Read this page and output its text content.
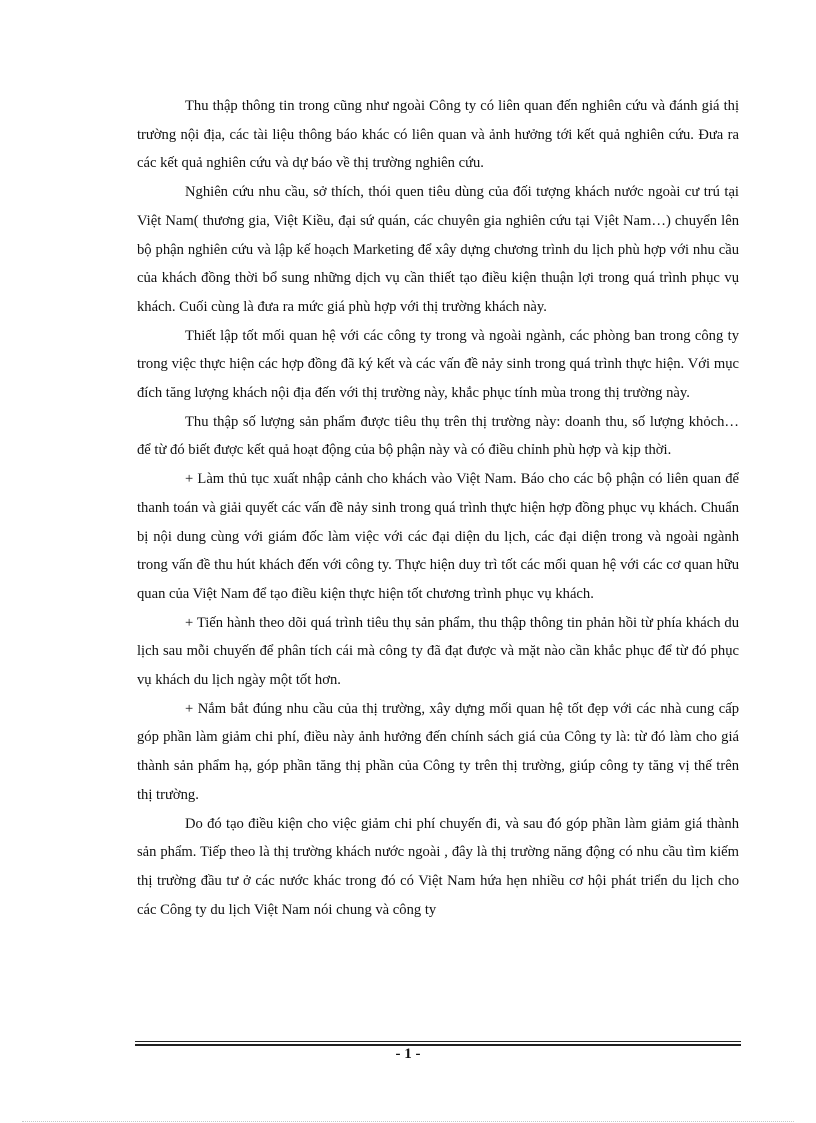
Thu thập thông tin trong cũng như ngoài Công ty có liên quan đến nghiên cứu và đánh giá thị trường nội địa, các tài liệu thông báo khác có liên quan và ảnh hưởng tới kết quả nghiên cứu. Đưa ra các kết quả nghiên cứu và dự báo về thị trường nghiên cứu.

Nghiên cứu nhu cầu, sở thích, thói quen tiêu dùng của đối tượng khách nước ngoài cư trú tại Việt Nam( thương gia, Việt Kiều, đại sứ quán, các chuyên gia nghiên cứu tại Vịêt Nam…) chuyển lên bộ phận nghiên cứu và lập kế hoạch Marketing để xây dựng chương trình du lịch phù hợp với nhu cầu của khách đồng thời bổ sung những dịch vụ cần thiết tạo điều kiện thuận lợi trong quá trình phục vụ khách. Cuối cùng là đưa ra mức giá phù hợp với thị trường khách này.

Thiết lập tốt mối quan hệ với các công ty trong và ngoài ngành, các phòng ban trong công ty trong việc thực hiện các hợp đồng đã ký kết và các vấn đề nảy sinh trong quá trình thực hiện. Với mục đích tăng lượng khách nội địa đến với thị trường này, khắc phục tính mùa trong thị trường này.

Thu thập số lượng sản phẩm được tiêu thụ trên thị trường này: doanh thu, số lượng khỏch… để từ đó biết được kết quả hoạt động của bộ phận này và có điều chỉnh phù hợp và kịp thời.

+ Làm thủ tục xuất nhập cảnh cho khách vào Việt Nam. Báo cho các bộ phận có liên quan để thanh toán và giải quyết các vấn đề nảy sinh trong quá trình thực hiện hợp đồng phục vụ khách. Chuẩn bị nội dung cùng với giám đốc làm việc với các đại diện du lịch, các đại diện trong và ngoài ngành trong vấn đề thu hút khách đến với công ty. Thực hiện duy trì tốt các mối quan hệ với các cơ quan hữu quan của Việt Nam để tạo điều kiện thực hiện tốt chương trình phục vụ khách.

+ Tiến hành theo dõi quá trình tiêu thụ sản phẩm, thu thập thông tin phản hồi từ phía khách du lịch sau mỗi chuyến để phân tích cái mà công ty đã đạt được và mặt nào cần khắc phục để từ đó phục vụ khách du lịch ngày một tốt hơn.

+ Nắm bắt đúng nhu cầu của thị trường, xây dựng mối quan hệ tốt đẹp với các nhà cung cấp góp phần làm giảm chi phí, điều này ảnh hưởng đến chính sách giá của Công ty là: từ đó làm cho giá thành sản phẩm hạ, góp phần tăng thị phần của Công ty trên thị trường, giúp công ty tăng vị thế trên thị trường.

Do đó tạo điều kiện cho việc giảm chi phí chuyến đi, và sau đó góp phần làm giảm giá thành sản phẩm. Tiếp theo là thị trường khách nước ngoài , đây là thị trường năng động có nhu cầu tìm kiếm thị trường đầu tư ở các nước khác trong đó có Việt Nam hứa hẹn nhiều cơ hội phát triển du lịch cho các Công ty du lịch Việt Nam nói chung và công ty

- 1 -
